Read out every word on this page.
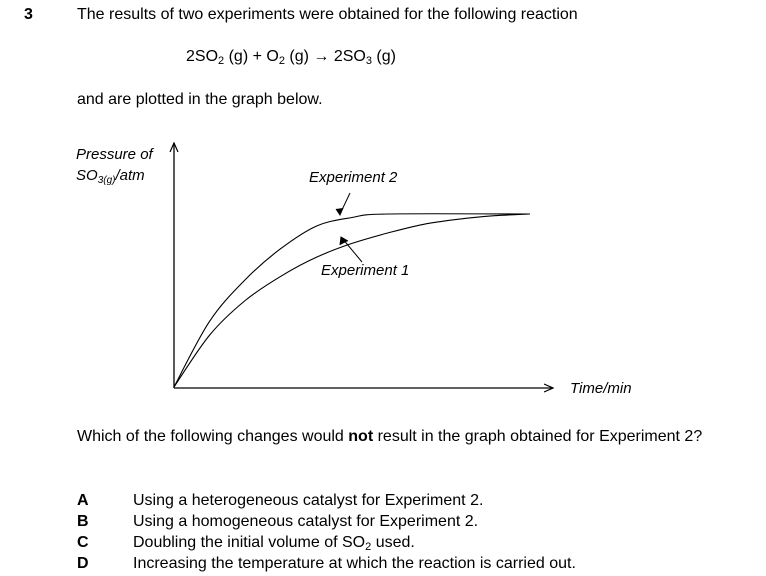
3	The results of two experiments were obtained for the following reaction
$2SO_2$ $(g) + O_2$ $(g) \to 2SO_3$ (g)
and are plotted in the graph below.
Pressure of
$SO_{3(g)}$/atm
Time/min
Experiment 2
Experiment 1
Which of the following changes would not result in the graph obtained for Experiment 2?
A	Using a heterogeneous catalyst for Experiment 2.
B	Using a homogeneous catalyst for Experiment 2.
C	Doubling the initial volume of $SO_2$ used.
D	Increasing the temperature at which the reaction is carried out.
